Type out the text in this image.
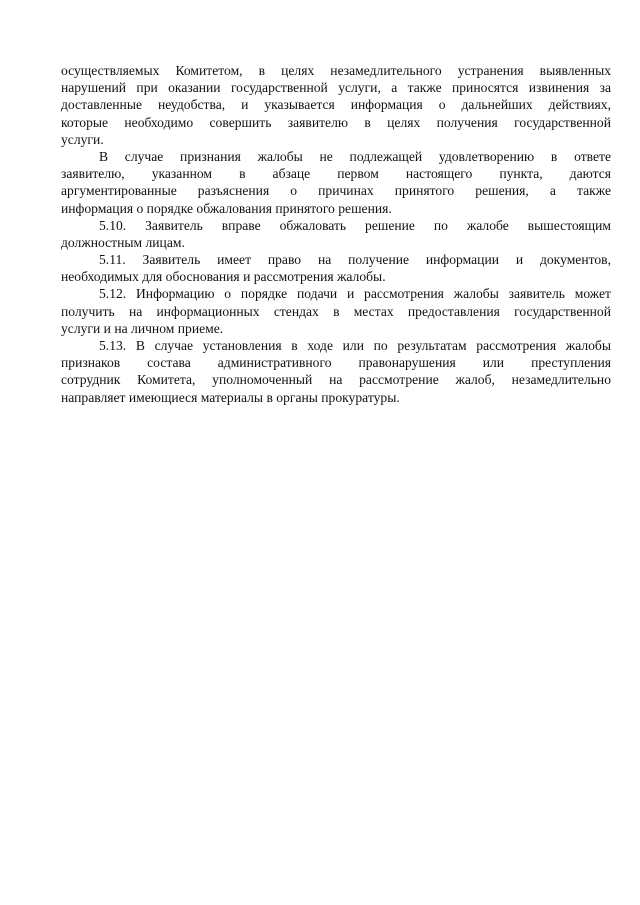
осуществляемых Комитетом, в целях незамедлительного устранения выявленных
нарушений при оказании государственной услуги, а также приносятся извинения за
доставленные неудобства, и указывается информация о дальнейших действиях,
которые необходимо совершить заявителю в целях получения государственной
услуги.

В случае признания жалобы не подлежащей удовлетворению в ответе
заявителю, указанном в абзаце первом настоящего пункта, даются
аргументированные разъяснения о причинах принятого решения, а также
информация о порядке обжалования принятого решения.

5.10. Заявитель вправе обжаловать решение по жалобе вышестоящим
должностным лицам.

5.11. Заявитель имеет право на получение информации и документов,
необходимых для обоснования и рассмотрения жалобы.

5.12. Информацию о порядке подачи и рассмотрения жалобы заявитель может
получить на информационных стендах в местах предоставления государственной
услуги и на личном приеме.

5.13. В случае установления в ходе или по результатам рассмотрения жалобы
признаков состава административного правонарушения или преступления
сотрудник Комитета, уполномоченный на рассмотрение жалоб, незамедлительно
направляет имеющиеся материалы в органы прокуратуры.
